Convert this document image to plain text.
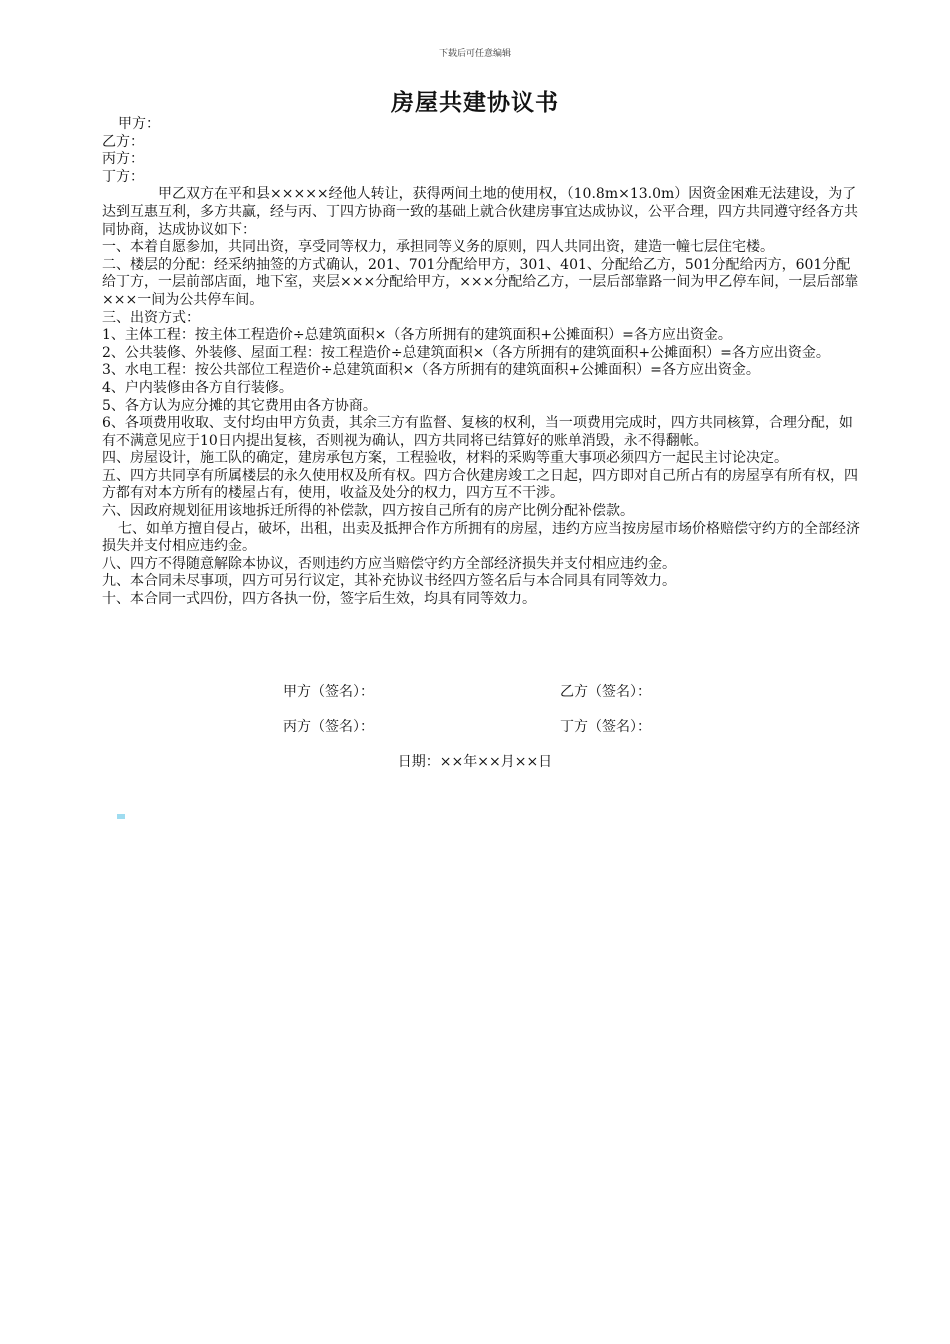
下载后可任意编辑
房屋共建协议书

甲方：

乙方：

丙方：

丁方：

甲乙双方在平和县×××××经他人转让，获得两间土地的使用权，（10.8m×13.0m）因资金困难无法建设，为了达到互惠互利，多方共赢，经与丙、丁四方协商一致的基础上就合伙建房事宜达成协议，公平合理，四方共同遵守经各方共同协商，达成协议如下：

一、本着自愿参加，共同出资，享受同等权力，承担同等义务的原则，四人共同出资，建造一幢七层住宅楼。

二、楼层的分配：经采纳抽签的方式确认，201、701分配给甲方，301、401、分配给乙方，501分配给丙方，601分配给丁方，一层前部店面，地下室，夹层×××分配给甲方，×××分配给乙方，一层后部靠路一间为甲乙停车间，一层后部靠×××一间为公共停车间。

三、出资方式：

1、主体工程：按主体工程造价÷总建筑面积×（各方所拥有的建筑面积+公摊面积）=各方应出资金。

2、公共装修、外装修、屋面工程：按工程造价÷总建筑面积×（各方所拥有的建筑面积+公摊面积）=各方应出资金。

3、水电工程：按公共部位工程造价÷总建筑面积×（各方所拥有的建筑面积+公摊面积）=各方应出资金。

4、户内装修由各方自行装修。

5、各方认为应分摊的其它费用由各方协商。

6、各项费用收取、支付均由甲方负责，其余三方有监督、复核的权利，当一项费用完成时，四方共同核算，合理分配，如有不满意见应于10日内提出复核，否则视为确认，四方共同将已结算好的账单消毁，永不得翻帐。

四、房屋设计，施工队的确定，建房承包方案，工程验收，材料的采购等重大事项必须四方一起民主讨论决定。

五、四方共同享有所属楼层的永久使用权及所有权。四方合伙建房竣工之日起，四方即对自己所占有的房屋享有所有权，四方都有对本方所有的楼屋占有，使用，收益及处分的权力，四方互不干涉。

六、因政府规划征用该地拆迁所得的补偿款，四方按自己所有的房产比例分配补偿款。

七、如单方擅自侵占，破坏，出租，出卖及抵押合作方所拥有的房屋，违约方应当按房屋市场价格赔偿守约方的全部经济损失并支付相应违约金。

八、四方不得随意解除本协议，否则违约方应当赔偿守约方全部经济损失并支付相应违约金。

九、本合同未尽事项，四方可另行议定，其补充协议书经四方签名后与本合同具有同等效力。

十、本合同一式四份，四方各执一份，签字后生效，均具有同等效力。

甲方（签名）：	乙方（签名）：
丙方（签名）：	丁方（签名）：
日期：××年××月××日
